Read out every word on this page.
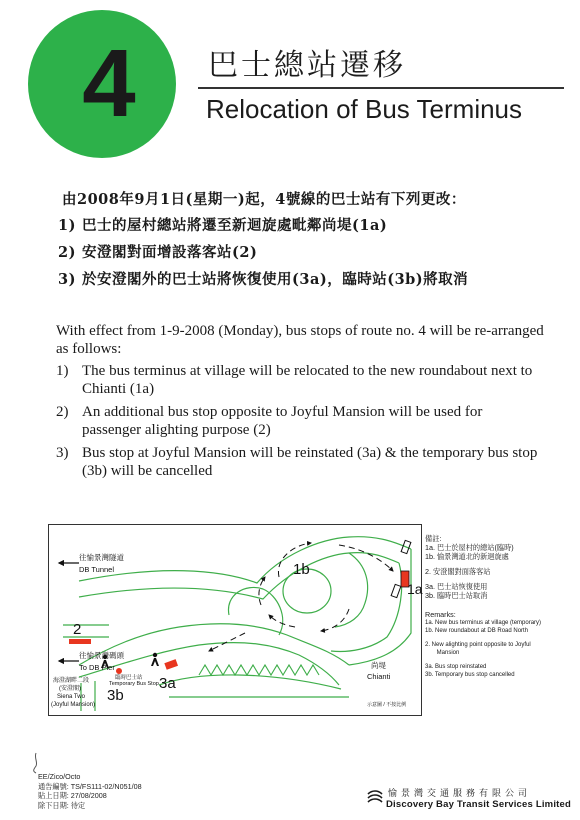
4	巴士總站遷移
Relocation of Bus Terminus
由2008年9月1日(星期一)起，4號線的巴士站有下列更改：
1) 巴士的屋村總站將遷至新迴旋處毗鄰尚堤(1a)
2) 安澄閣對面增設落客站(2)
3) 於安澄閣外的巴士站將恢復使用(3a)，臨時站(3b)將取消
With effect from 1-9-2008 (Monday), bus stops of route no. 4 will be re-arranged as follows:
1) The bus terminus at village will be relocated to the new roundabout next to Chianti (1a)
2) An additional bus stop opposite to Joyful Mansion will be used for passenger alighting purpose (2)
3) Bus stop at Joyful Mansion will be reinstated (3a) & the temporary bus stop (3b) will be cancelled
往愉景灣隧道
DB Tunnel
往愉景灣碼頭
To DB Pier
海澄湖畔二段
(安澄閣)
Siena Two
(Joyful Mansion)
臨時巴士站
Temporary Bus Stop
尚堤
Chianti
示意圖 / 不按比例
1b
1a
2
3a
3b
備註:
1a. 巴士於屋村的總站(臨時)
1b. 愉景灣道北的新迴旋處
2. 安澄閣對面落客站
3a. 巴士站恢復使用
3b. 臨時巴士站取消
Remarks:
1a. New bus terminus at village (temporary)
1b. New roundabout at DB Road North
2. New alighting point opposite to Joyful
Mansion
3a. Bus stop reinstated
3b. Temporary bus stop cancelled
EE/Zico/Octo
通告編號: TS/FS111-02/N051/08
貼上日期: 27/08/2008
除下日期: 待定
愉景灣交通服務有限公司
Discovery Bay Transit Services Limited
